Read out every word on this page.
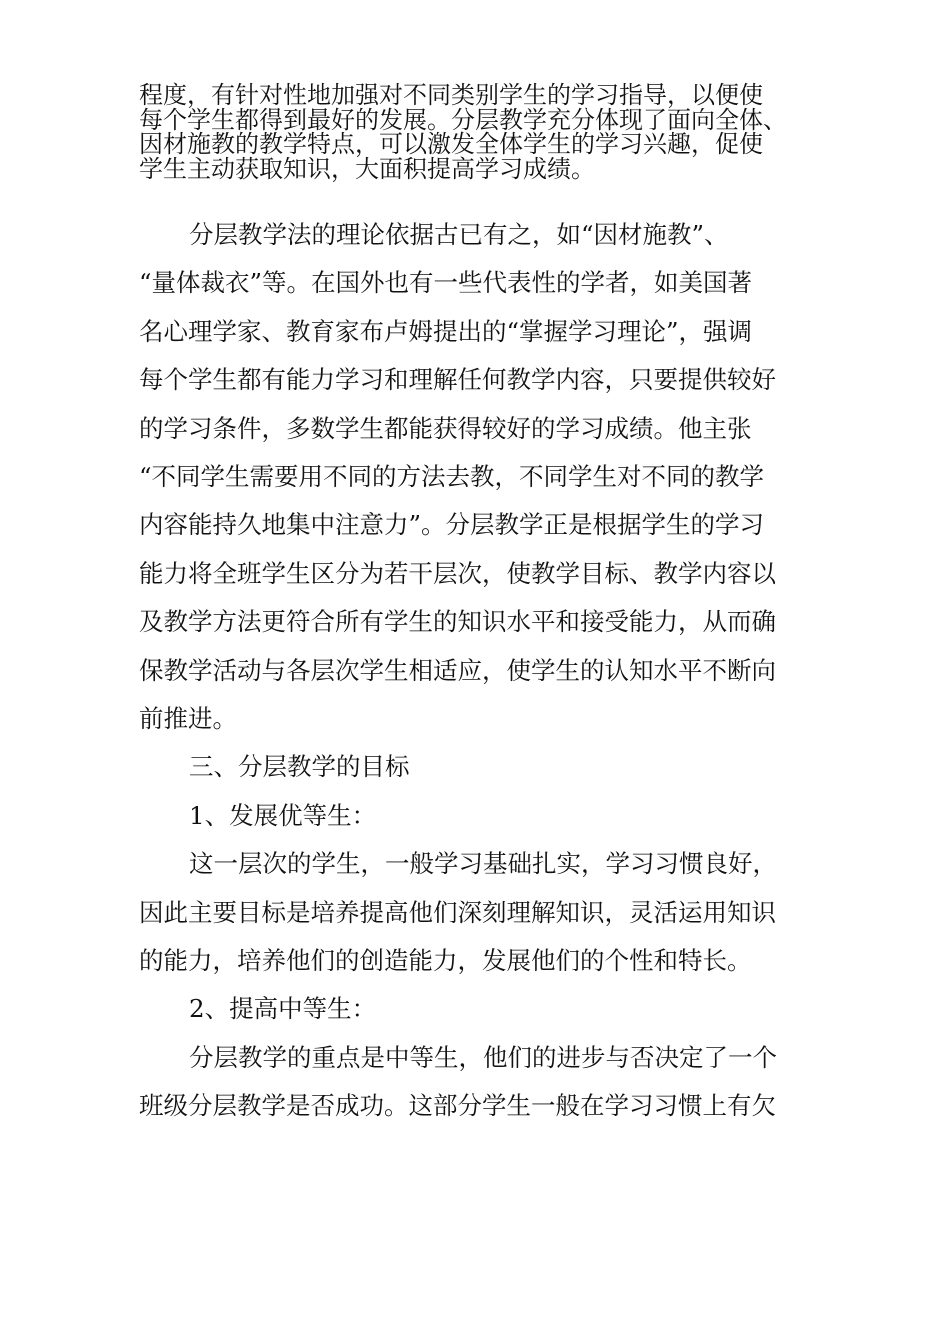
程度，有针对性地加强对不同类别学生的学习指导，以便使
每个学生都得到最好的发展。分层教学充分体现了面向全体、
因材施教的教学特点，可以激发全体学生的学习兴趣，促使
学生主动获取知识，大面积提高学习成绩。
分层教学法的理论依据古已有之，如“因材施教”、
“量体裁衣”等。在国外也有一些代表性的学者，如美国著
名心理学家、教育家布卢姆提出的“掌握学习理论”，强调
每个学生都有能力学习和理解任何教学内容，只要提供较好
的学习条件，多数学生都能获得较好的学习成绩。他主张
“不同学生需要用不同的方法去教，不同学生对不同的教学
内容能持久地集中注意力”。分层教学正是根据学生的学习
能力将全班学生区分为若干层次，使教学目标、教学内容以
及教学方法更符合所有学生的知识水平和接受能力，从而确
保教学活动与各层次学生相适应，使学生的认知水平不断向
前推进。
三、分层教学的目标
1、发展优等生：
这一层次的学生，一般学习基础扎实，学习习惯良好，
因此主要目标是培养提高他们深刻理解知识，灵活运用知识
的能力，培养他们的创造能力，发展他们的个性和特长。
2、提高中等生：
分层教学的重点是中等生，他们的进步与否决定了一个
班级分层教学是否成功。这部分学生一般在学习习惯上有欠
